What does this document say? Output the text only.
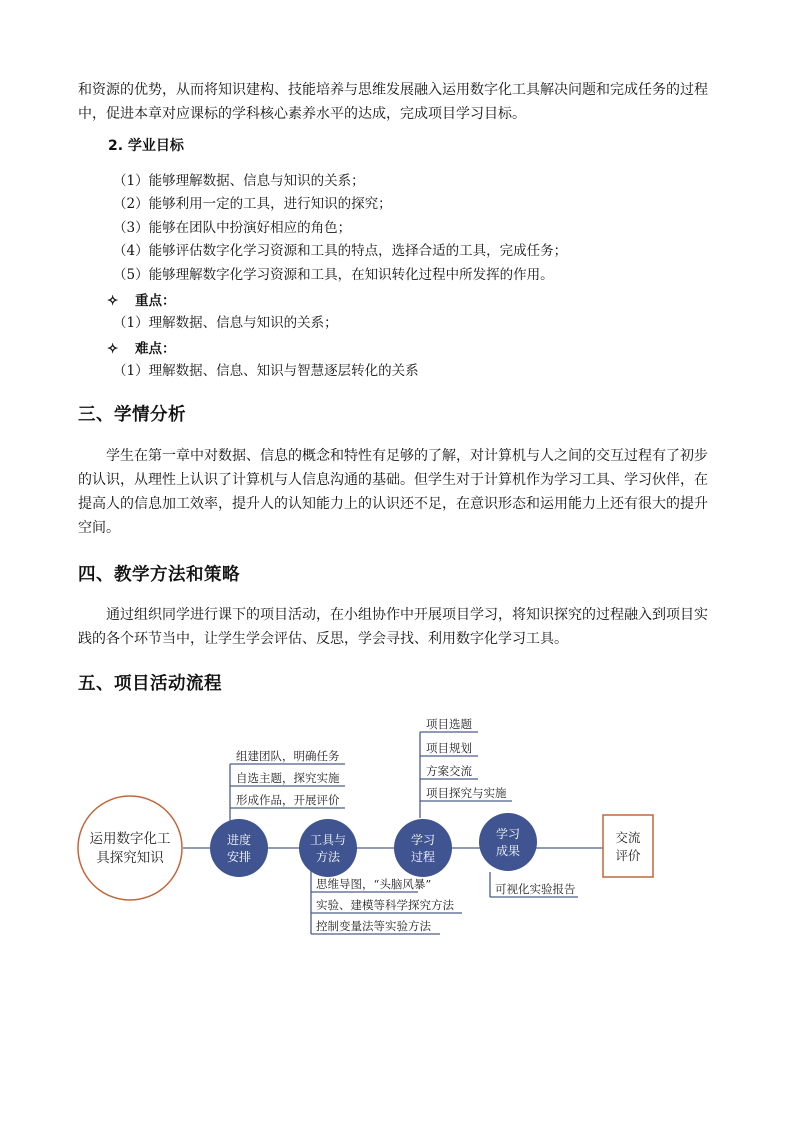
和资源的优势，从而将知识建构、技能培养与思维发展融入运用数字化工具解决问题和完成任务的过程中，促进本章对应课标的学科核心素养水平的达成，完成项目学习目标。
2. 学业目标
（1）能够理解数据、信息与知识的关系；
（2）能够利用一定的工具，进行知识的探究；
（3）能够在团队中扮演好相应的角色；
（4）能够评估数字化学习资源和工具的特点，选择合适的工具，完成任务；
（5）能够理解数字化学习资源和工具，在知识转化过程中所发挥的作用。
✧ 重点：
（1）理解数据、信息与知识的关系；
✧ 难点：
（1）理解数据、信息、知识与智慧逐层转化的关系
三、学情分析
学生在第一章中对数据、信息的概念和特性有足够的了解，对计算机与人之间的交互过程有了初步的认识，从理性上认识了计算机与人信息沟通的基础。但学生对于计算机作为学习工具、学习伙伴，在提高人的信息加工效率，提升人的认知能力上的认识还不足，在意识形态和运用能力上还有很大的提升空间。
四、教学方法和策略
通过组织同学进行课下的项目活动，在小组协作中开展项目学习，将知识探究的过程融入到项目实践的各个环节当中，让学生学会评估、反思，学会寻找、利用数字化学习工具。
五、项目活动流程
运用数字化工
具探究知识
进度
安排
工具与
方法
学习
过程
学习
成果
交流
评价
组建团队，明确任务
自选主题，探究实施
形成作品，开展评价
思维导图，“头脑风暴”
实验、建模等科学探究方法
控制变量法等实验方法
项目选题
项目规划
方案交流
项目探究与实施
可视化实验报告
